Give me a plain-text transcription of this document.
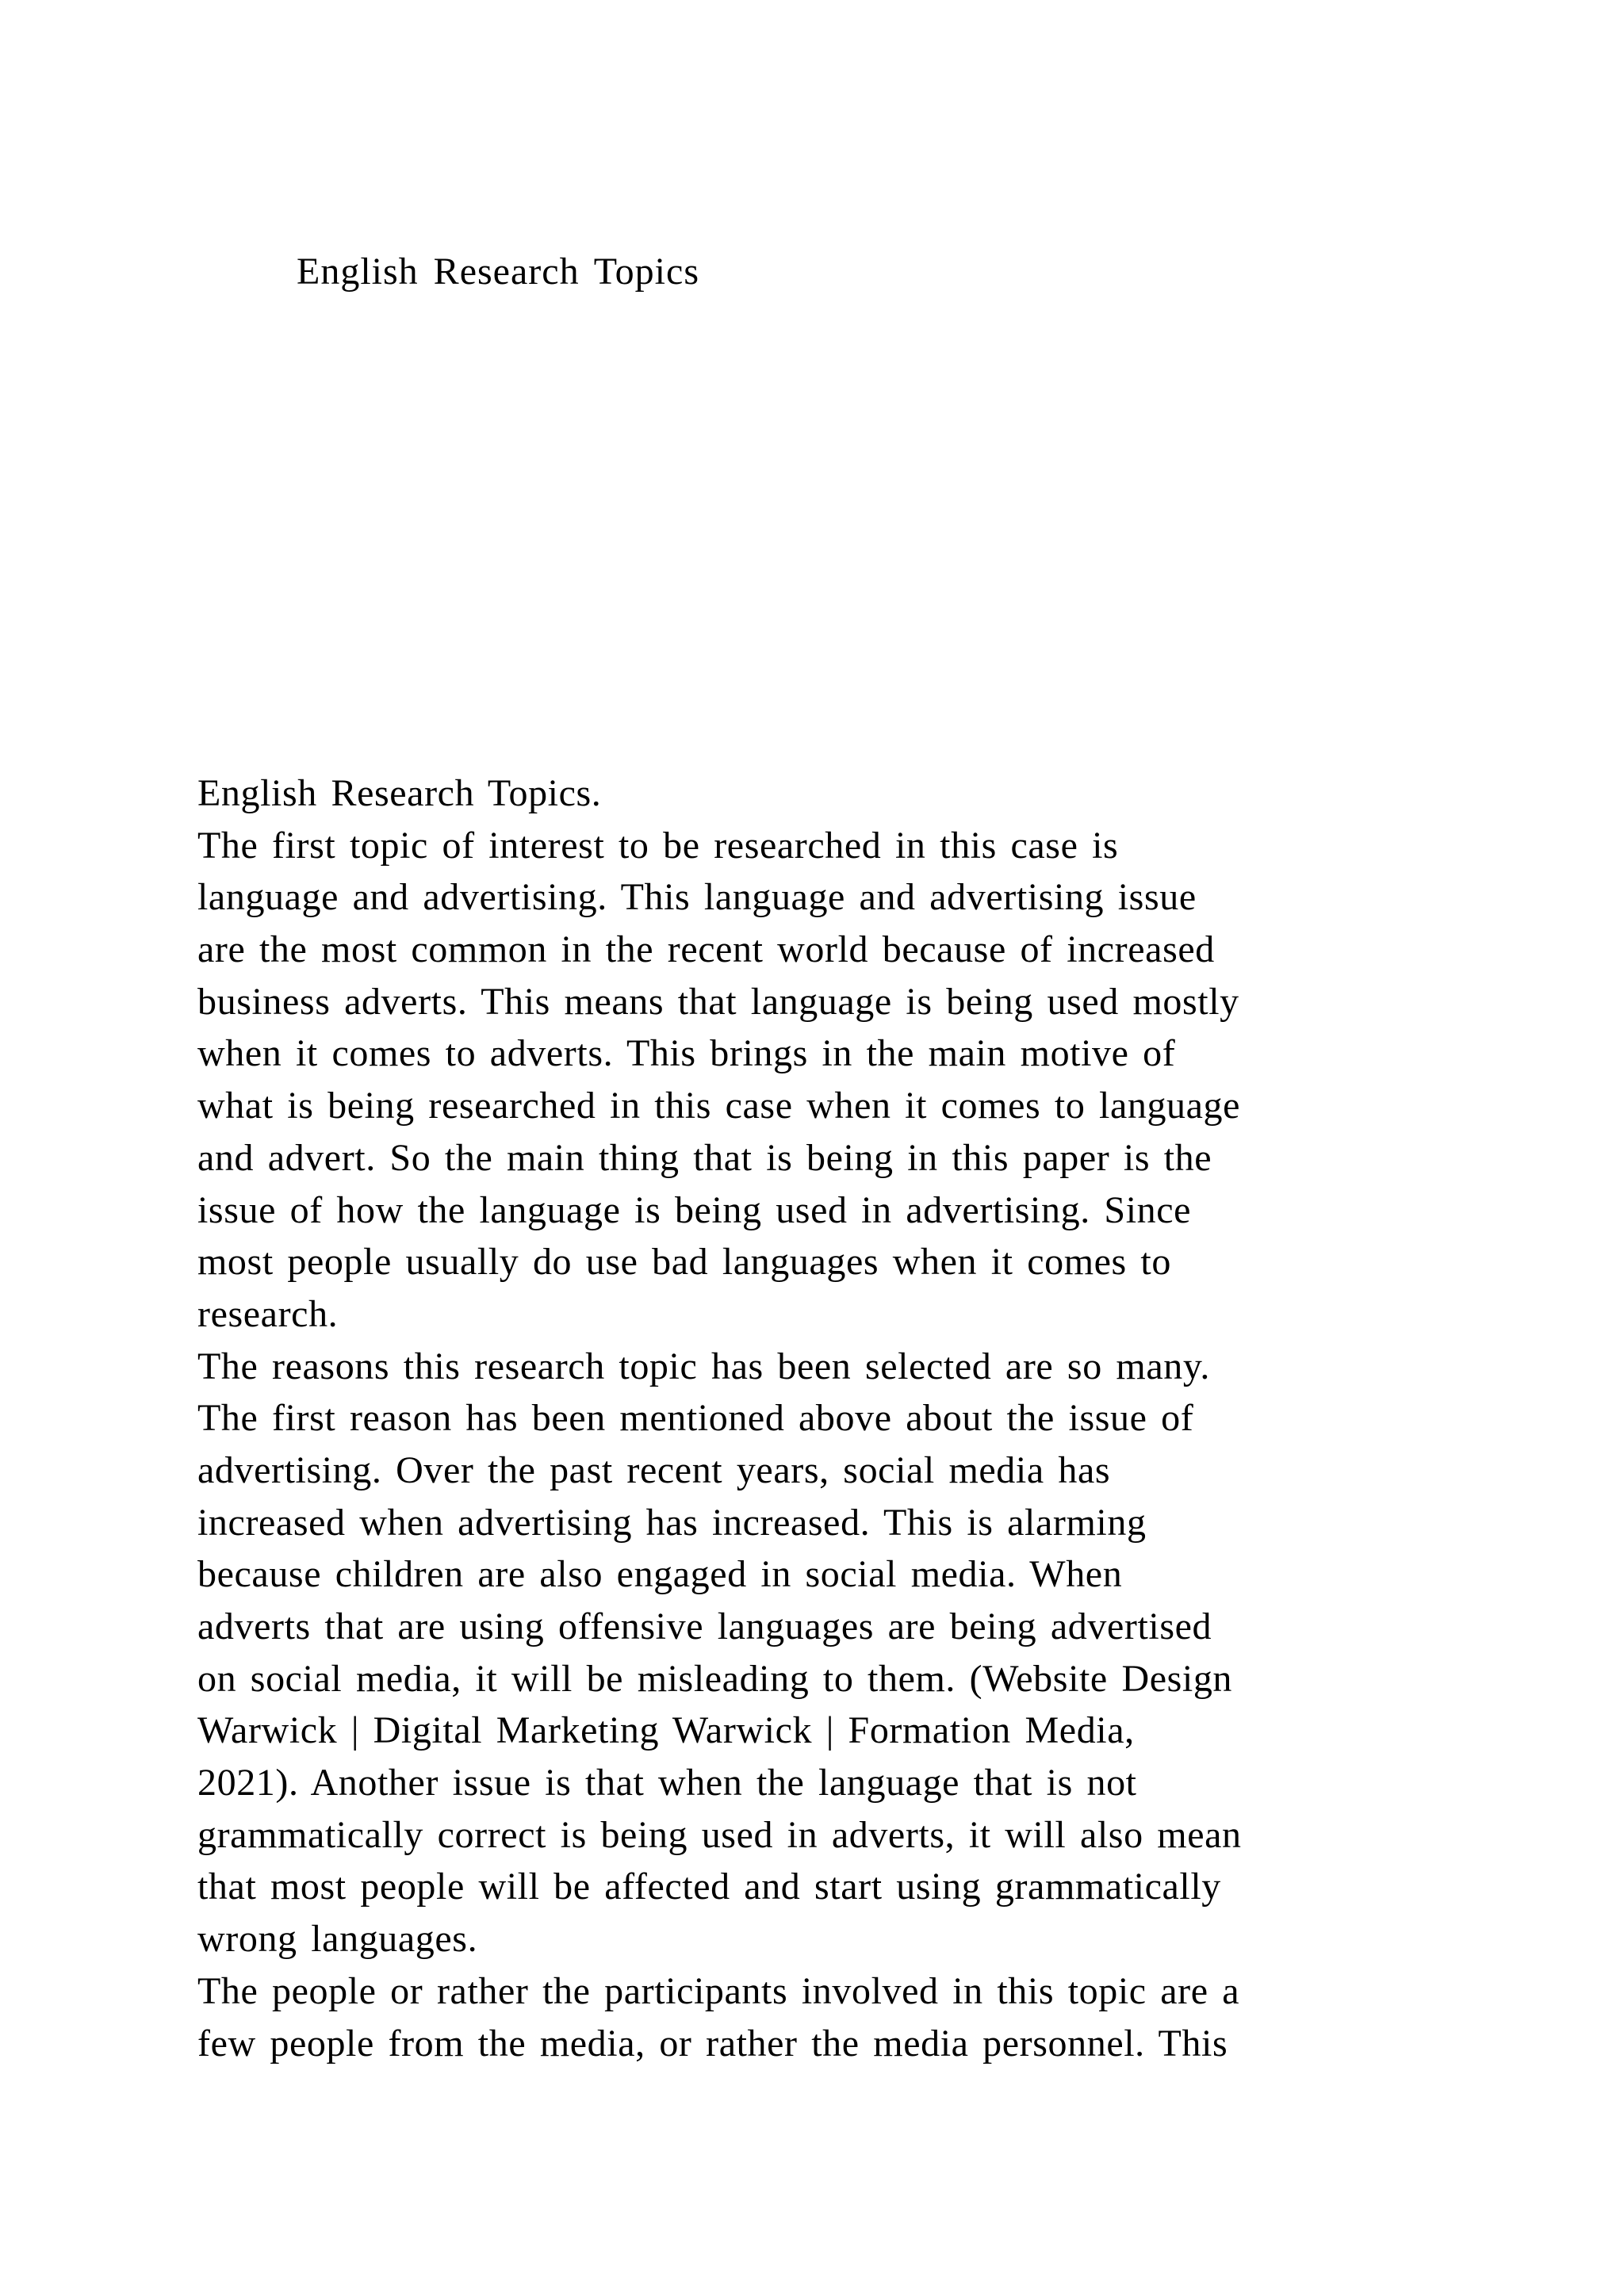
English Research Topics
English Research Topics.
The first topic of interest to be researched in this case is
language and advertising. This language and advertising issue
are the most common in the recent world because of increased
business adverts. This means that language is being used mostly
when it comes to adverts. This brings in the main motive of
what is being researched in this case when it comes to language
and advert. So the main thing that is being in this paper is the
issue of how the language is being used in advertising. Since
most people usually do use bad languages when it comes to
research.
The reasons this research topic has been selected are so many.
The first reason has been mentioned above about the issue of
advertising. Over the past recent years, social media has
increased when advertising has increased. This is alarming
because children are also engaged in social media. When
adverts that are using offensive languages are being advertised
on social media, it will be misleading to them. (Website Design
Warwick | Digital Marketing Warwick | Formation Media,
2021). Another issue is that when the language that is not
grammatically correct is being used in adverts, it will also mean
that most people will be affected and start using grammatically
wrong languages.
The people or rather the participants involved in this topic are a
few people from the media, or rather the media personnel. This
